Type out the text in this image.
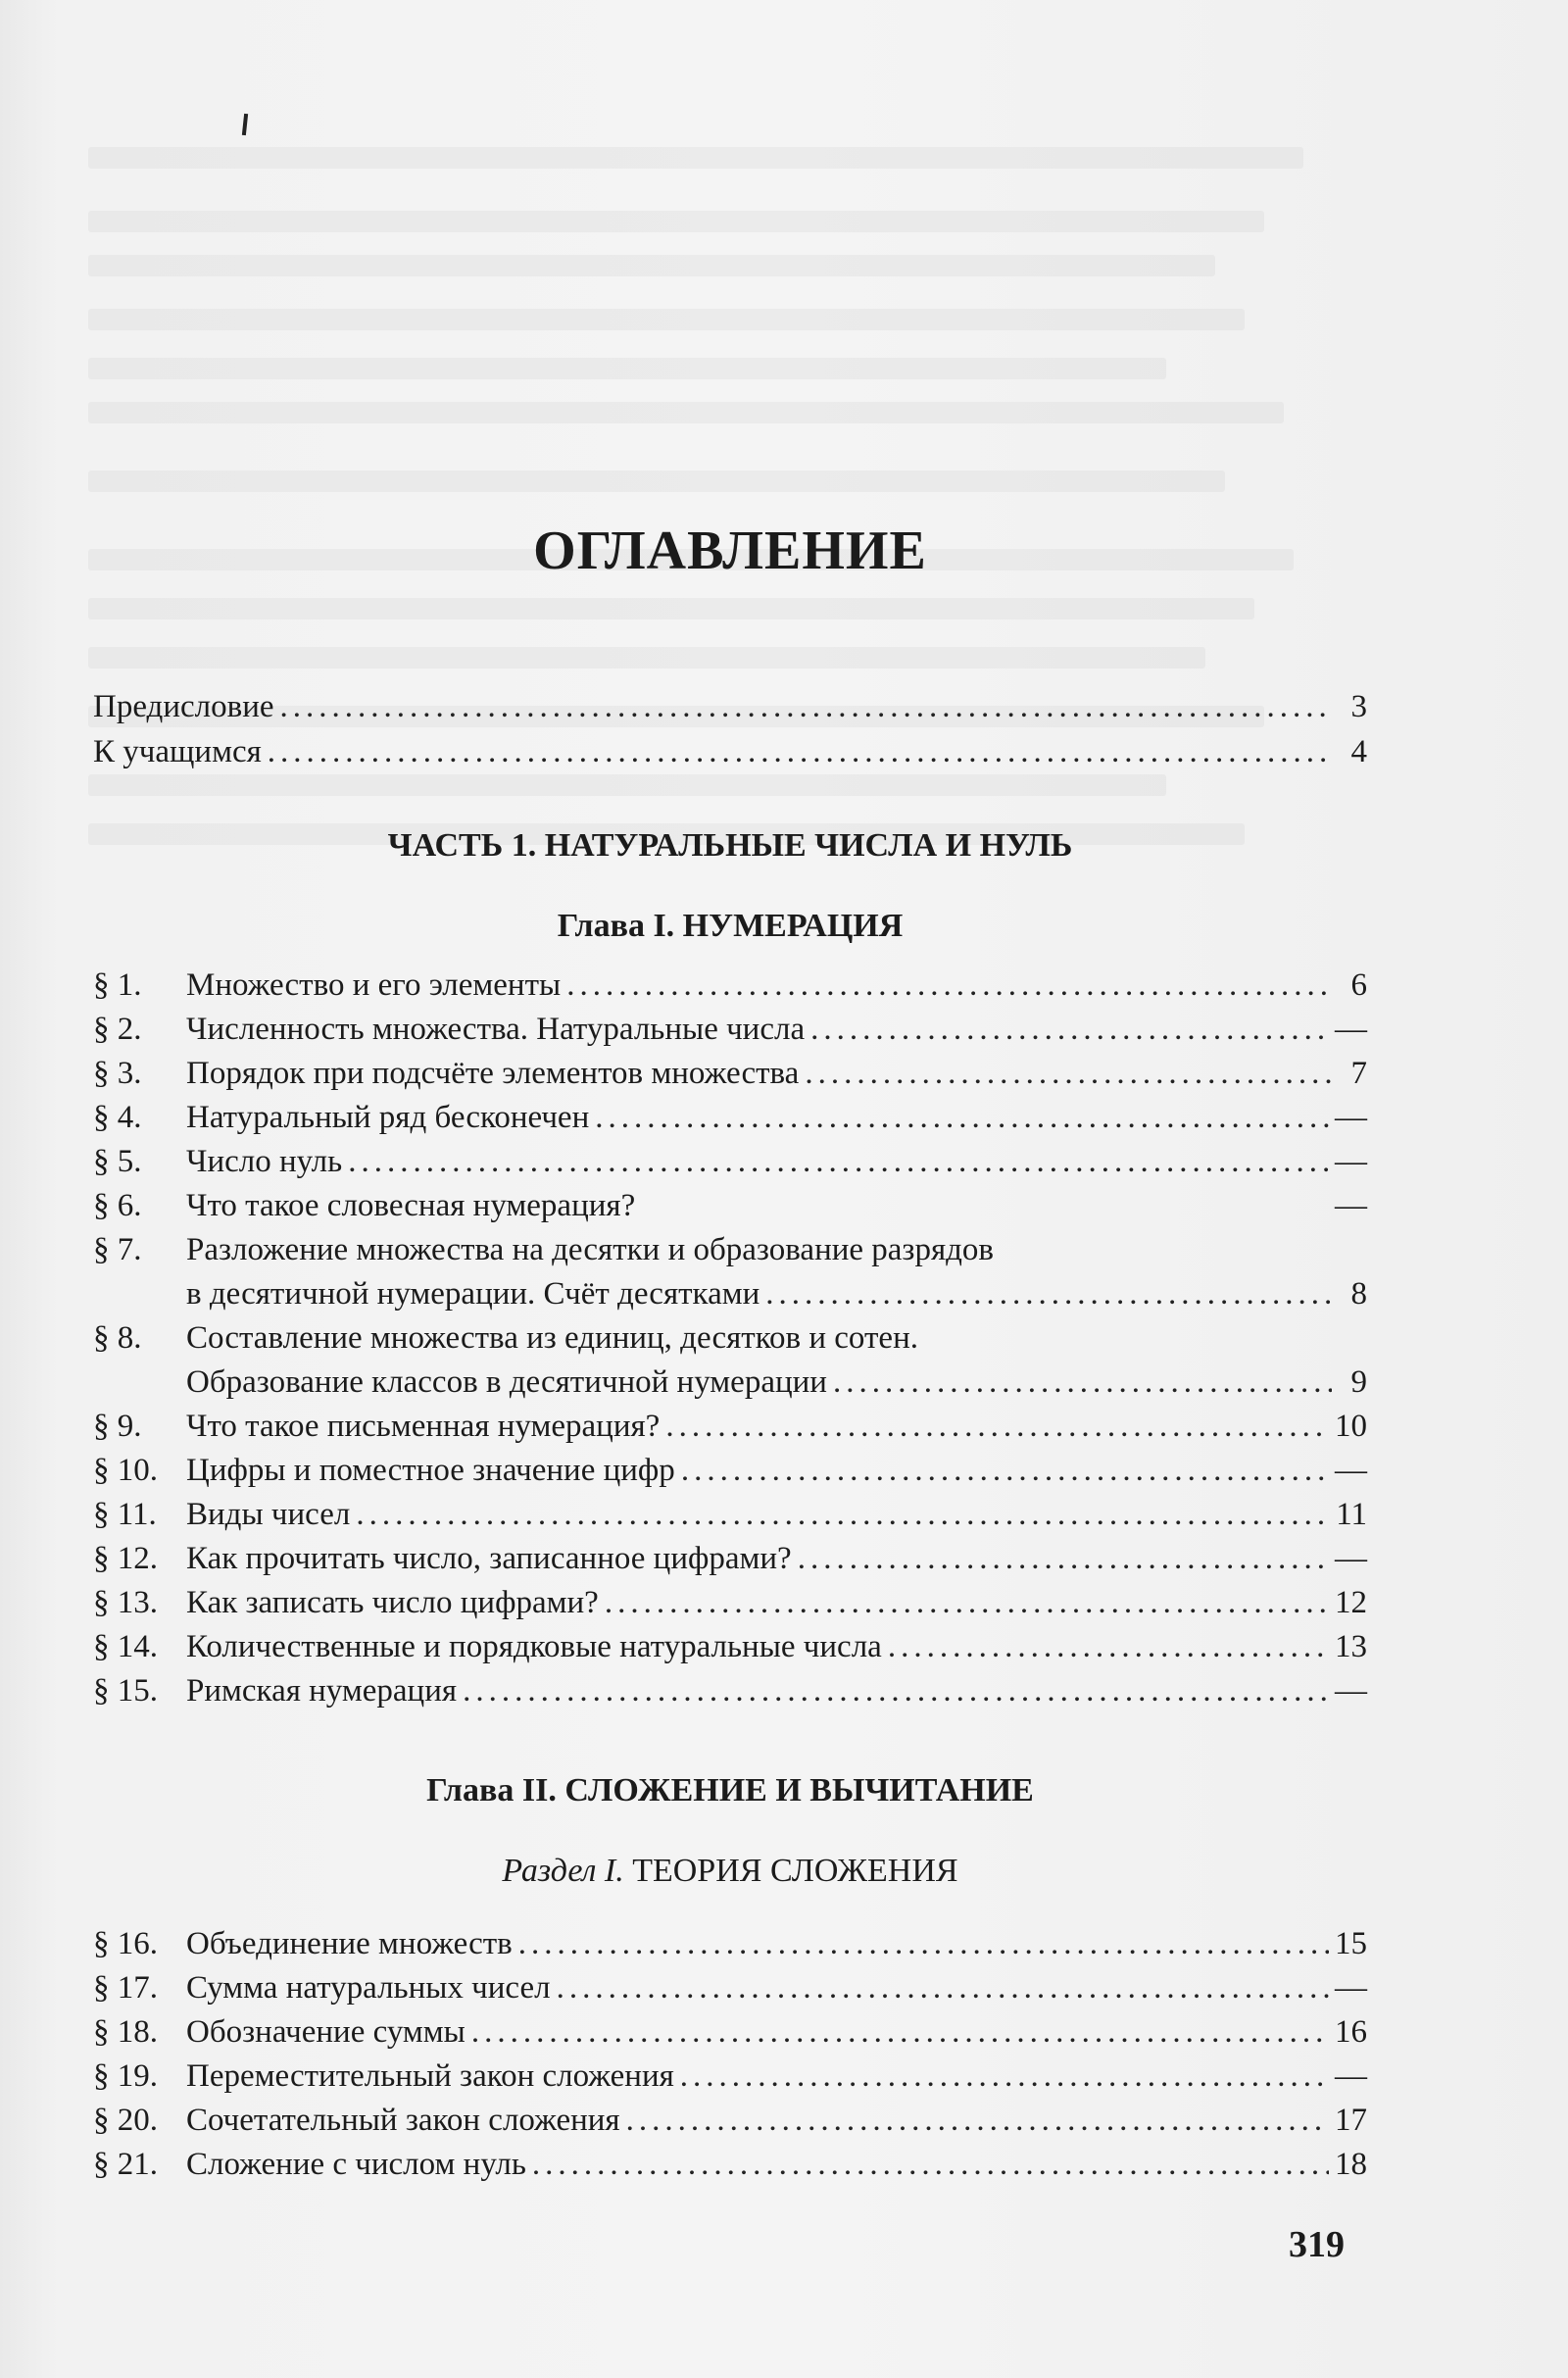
ОГЛАВЛЕНИЕ
Предисловие .....	3
К учащимся .....	4
ЧАСТЬ 1. НАТУРАЛЬНЫЕ ЧИСЛА И НУЛЬ
Глава I. НУМЕРАЦИЯ
§ 1.	Множество и его элементы .....	6
§ 2.	Численность множества. Натуральные числа .....	—
§ 3.	Порядок при подсчёте элементов множества .....	7
§ 4.	Натуральный ряд бесконечен .....	—
§ 5.	Число нуль .....	—
§ 6.	Что такое словесная нумерация?	—
§ 7.	Разложение множества на десятки и образование разрядов
в десятичной нумерации. Счёт десятками .....	8
§ 8.	Составление множества из единиц, десятков и сотен.
Образование классов в десятичной нумерации .....	9
§ 9.	Что такое письменная нумерация? .....	10
§ 10. Цифры и поместное значение цифр .....	—
§ 11. Виды чисел .....	11
§ 12. Как прочитать число, записанное цифрами? .....	—
§ 13. Как записать число цифрами? .....	12
§ 14. Количественные и порядковые натуральные числа .....	13
§ 15. Римская нумерация .....	—
Глава II. СЛОЖЕНИЕ И ВЫЧИТАНИЕ
Раздел I. ТЕОРИЯ СЛОЖЕНИЯ
§ 16. Объединение множеств .....	15
§ 17. Сумма натуральных чисел .....	—
§ 18. Обозначение суммы .....	16
§ 19. Переместительный закон сложения .....	—
§ 20. Сочетательный закон сложения .....	17
§ 21. Сложение с числом нуль .....	18
319
